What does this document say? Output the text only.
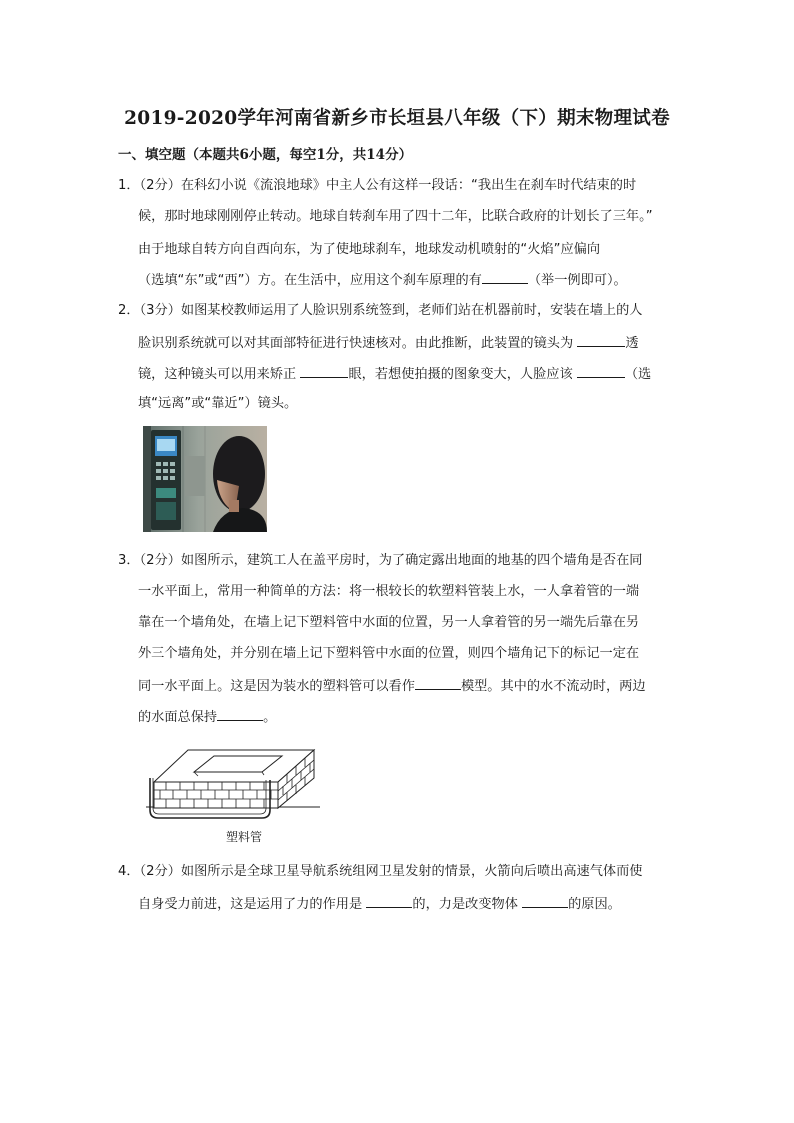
2019-2020学年河南省新乡市长垣县八年级（下）期末物理试卷
一、填空题（本题共6小题，每空1分，共14分）
1．（2分）在科幻小说《流浪地球》中主人公有这样一段话：“我出生在刹车时代结束的时
候，那时地球刚刚停止转动。地球自转刹车用了四十二年，比联合政府的计划长了三年。”
由于地球自转方向自西向东，为了使地球刹车，地球发动机喷射的“火焰”应偏向
（选填“东”或“西”）方。在生活中，应用这个刹车原理的有	（举一例即可）。
2．（3分）如图某校教师运用了人脸识别系统签到，老师们站在机器前时，安装在墙上的人
脸识别系统就可以对其面部特征进行快速核对。由此推断，此装置的镜头为	透
镜，这种镜头可以用来矫正	眼，若想使拍摄的图象变大，人脸应该	（选
填“远离”或“靠近”）镜头。
3．（2分）如图所示，建筑工人在盖平房时，为了确定露出地面的地基的四个墙角是否在同
一水平面上，常用一种简单的方法：将一根较长的软塑料管装上水，一人拿着管的一端
靠在一个墙角处，在墙上记下塑料管中水面的位置，另一人拿着管的另一端先后靠在另
外三个墙角处，并分别在墙上记下塑料管中水面的位置，则四个墙角记下的标记一定在
同一水平面上。这是因为装水的塑料管可以看作	模型。其中的水不流动时，两边
的水面总保持	。
塑料管
4．（2分）如图所示是全球卫星导航系统组网卫星发射的情景，火箭向后喷出高速气体而使
自身受力前进，这是运用了力的作用是	的，力是改变物体	的原因。
